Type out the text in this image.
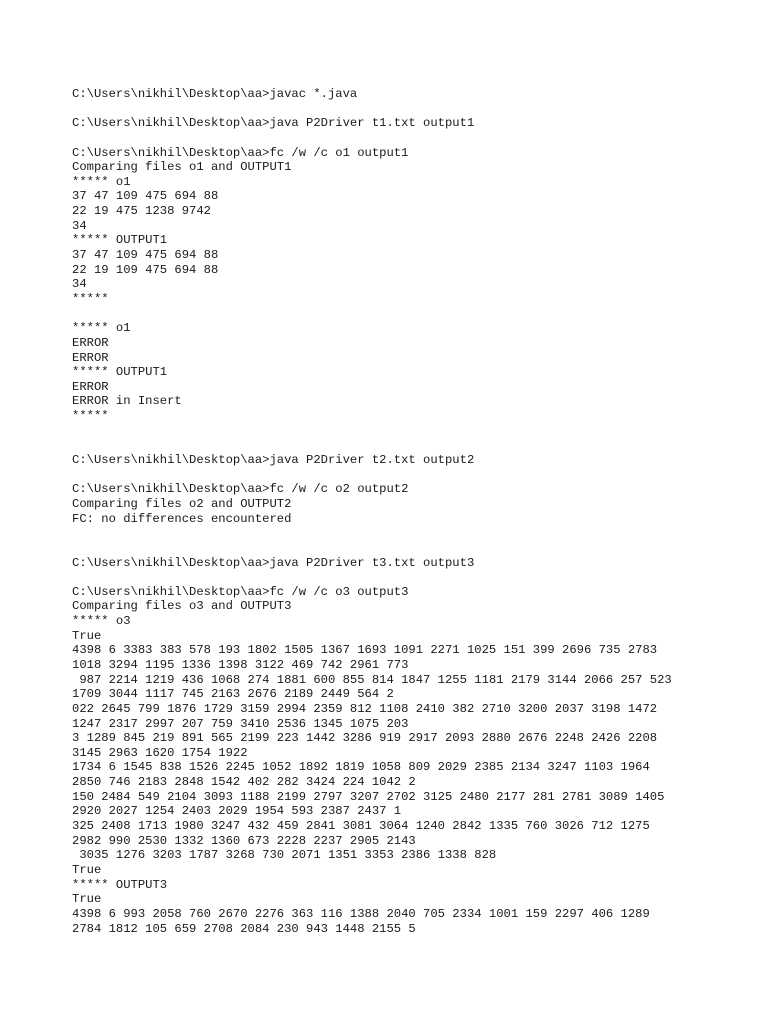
C:\Users\nikhil\Desktop\aa>javac *.java
C:\Users\nikhil\Desktop\aa>java P2Driver t1.txt output1
C:\Users\nikhil\Desktop\aa>fc /w /c o1 output1
Comparing files o1 and OUTPUT1
***** o1
37 47 109 475 694 88
22 19 475 1238 9742
34
***** OUTPUT1
37 47 109 475 694 88
22 19 109 475 694 88
34
*****
***** o1
ERROR
ERROR
***** OUTPUT1
ERROR
ERROR in Insert
*****
C:\Users\nikhil\Desktop\aa>java P2Driver t2.txt output2
C:\Users\nikhil\Desktop\aa>fc /w /c o2 output2
Comparing files o2 and OUTPUT2
FC: no differences encountered
C:\Users\nikhil\Desktop\aa>java P2Driver t3.txt output3
C:\Users\nikhil\Desktop\aa>fc /w /c o3 output3
Comparing files o3 and OUTPUT3
***** o3
True
4398 6 3383 383 578 193 1802 1505 1367 1693 1091 2271 1025 151 399 2696 735 2783
1018 3294 1195 1336 1398 3122 469 742 2961 773
987 2214 1219 436 1068 274 1881 600 855 814 1847 1255 1181 2179 3144 2066 257 523
1709 3044 1117 745 2163 2676 2189 2449 564 2
022 2645 799 1876 1729 3159 2994 2359 812 1108 2410 382 2710 3200 2037 3198 1472
1247 2317 2997 207 759 3410 2536 1345 1075 203
3 1289 845 219 891 565 2199 223 1442 3286 919 2917 2093 2880 2676 2248 2426 2208
3145 2963 1620 1754 1922
1734 6 1545 838 1526 2245 1052 1892 1819 1058 809 2029 2385 2134 3247 1103 1964
2850 746 2183 2848 1542 402 282 3424 224 1042 2
150 2484 549 2104 3093 1188 2199 2797 3207 2702 3125 2480 2177 281 2781 3089 1405
2920 2027 1254 2403 2029 1954 593 2387 2437 1
325 2408 1713 1980 3247 432 459 2841 3081 3064 1240 2842 1335 760 3026 712 1275
2982 990 2530 1332 1360 673 2228 2237 2905 2143
3035 1276 3203 1787 3268 730 2071 1351 3353 2386 1338 828
True
***** OUTPUT3
True
4398 6 993 2058 760 2670 2276 363 116 1388 2040 705 2334 1001 159 2297 406 1289
2784 1812 105 659 2708 2084 230 943 1448 2155 5
